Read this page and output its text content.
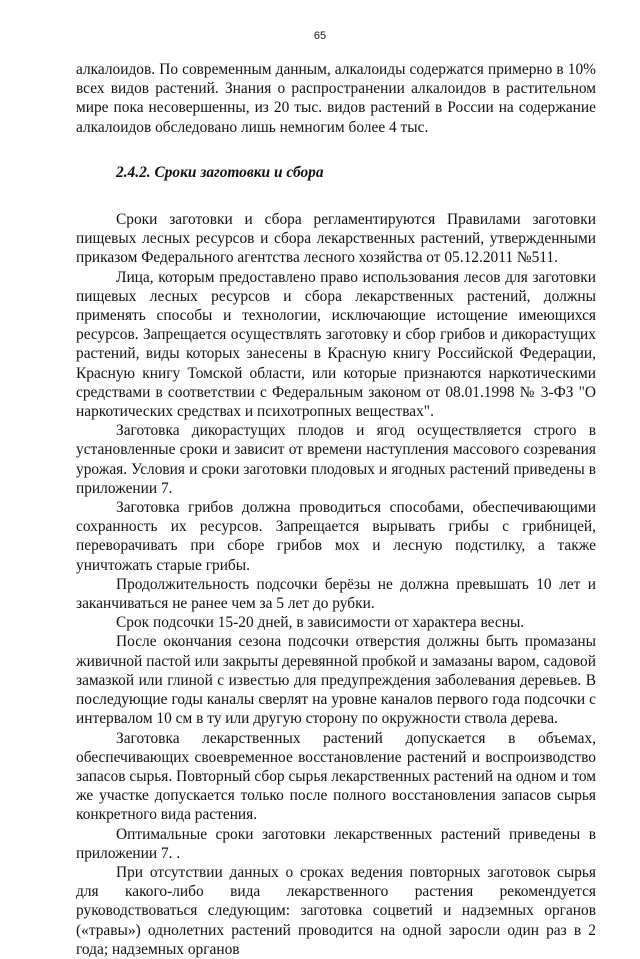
65

алкалоидов. По современным данным, алкалоиды содержатся примерно в 10% всех видов растений. Знания о распространении алкалоидов в растительном мире пока несовершенны, из 20 тыс. видов растений в России на содержание алкалоидов обследовано лишь немногим более 4 тыс.

2.4.2. Сроки заготовки и сбора

Сроки заготовки и сбора регламентируются Правилами заготовки пищевых лесных ресурсов и сбора лекарственных растений, утвержденными приказом Федерального агентства лесного хозяйства от 05.12.2011 №511.

Лица, которым предоставлено право использования лесов для заготовки пищевых лесных ресурсов и сбора лекарственных растений, должны применять способы и технологии, исключающие истощение имеющихся ресурсов. Запрещается осуществлять заготовку и сбор грибов и дикорастущих растений, виды которых занесены в Красную книгу Российской Федерации, Красную книгу Томской области, или которые признаются наркотическими средствами в соответствии с Федеральным законом от 08.01.1998 № 3-ФЗ "О наркотических средствах и психотропных веществах".

Заготовка дикорастущих плодов и ягод осуществляется строго в установленные сроки и зависит от времени наступления массового созревания урожая. Условия и сроки заготовки плодовых и ягодных растений приведены в приложении 7.

Заготовка грибов должна проводиться способами, обеспечивающими сохранность их ресурсов. Запрещается вырывать грибы с грибницей, переворачивать при сборе грибов мох и лесную подстилку, а также уничтожать старые грибы.

Продолжительность подсочки берёзы не должна превышать 10 лет и заканчиваться не ранее чем за 5 лет до рубки.

Срок подсочки 15-20 дней, в зависимости от характера весны.

После окончания сезона подсочки отверстия должны быть промазаны живичной пастой или закрыты деревянной пробкой и замазаны варом, садовой замазкой или глиной с известью для предупреждения заболевания деревьев. В последующие годы каналы сверлят на уровне каналов первого года подсочки с интервалом 10 см в ту или другую сторону по окружности ствола дерева.

Заготовка лекарственных растений допускается в объемах, обеспечивающих своевременное восстановление растений и воспроизводство запасов сырья. Повторный сбор сырья лекарственных растений на одном и том же участке допускается только после полного восстановления запасов сырья конкретного вида растения.

Оптимальные сроки заготовки лекарственных растений приведены в приложении 7. .

При отсутствии данных о сроках ведения повторных заготовок сырья для какого-либо вида лекарственного растения рекомендуется руководствоваться следующим: заготовка соцветий и надземных органов («травы») однолетних растений проводится на одной заросли один раз в 2 года; надземных органов
